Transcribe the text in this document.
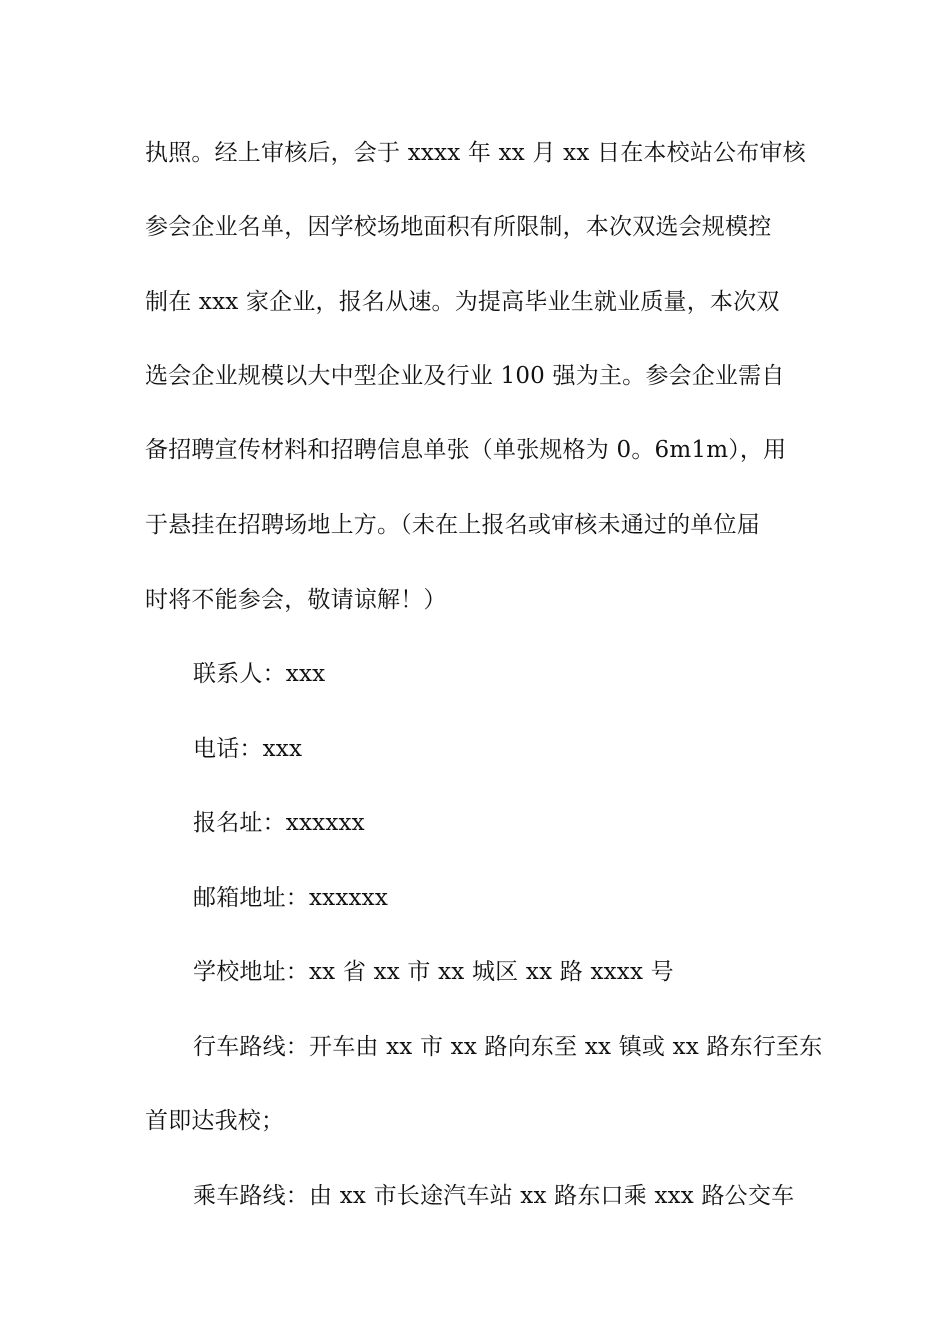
执照。经上审核后，会于 xxxx 年 xx 月 xx 日在本校站公布审核
参会企业名单，因学校场地面积有所限制，本次双选会规模控
制在 xxx 家企业，报名从速。为提高毕业生就业质量，本次双
选会企业规模以大中型企业及行业 100 强为主。参会企业需自
备招聘宣传材料和招聘信息单张（单张规格为 0。6m1m），用
于悬挂在招聘场地上方。（未在上报名或审核未通过的单位届
时将不能参会，敬请谅解！）
联系人：xxx
电话：xxx
报名址：xxxxxx
邮箱地址：xxxxxx
学校地址：xx 省 xx 市 xx 城区 xx 路 xxxx 号
行车路线：开车由 xx 市 xx 路向东至 xx 镇或 xx 路东行至东
首即达我校；
乘车路线：由 xx 市长途汽车站 xx 路东口乘 xxx 路公交车
